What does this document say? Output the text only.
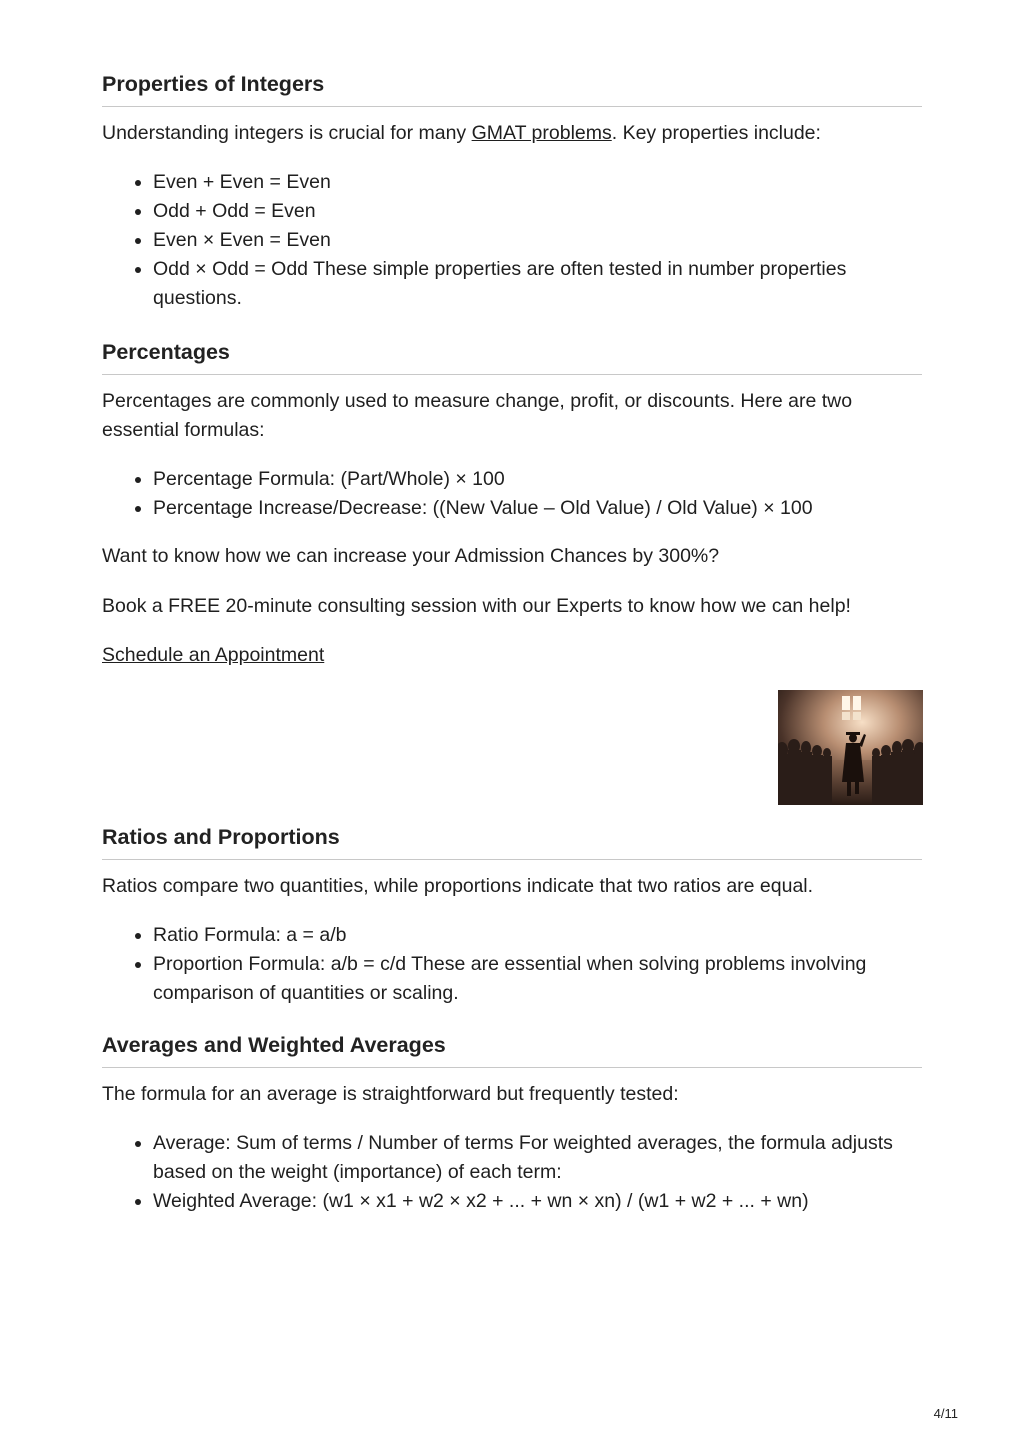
Properties of Integers

Understanding integers is crucial for many GMAT problems. Key properties include:

• Even + Even = Even
• Odd + Odd = Even
• Even × Even = Even
• Odd × Odd = Odd These simple properties are often tested in number properties questions.
Percentages

Percentages are commonly used to measure change, profit, or discounts. Here are two essential formulas:

• Percentage Formula: (Part/Whole) × 100
• Percentage Increase/Decrease: ((New Value – Old Value) / Old Value) × 100

Want to know how we can increase your Admission Chances by 300%?

Book a FREE 20-minute consulting session with our Experts to know how we can help!

Schedule an Appointment

Ratios and Proportions

Ratios compare two quantities, while proportions indicate that two ratios are equal.

• Ratio Formula: a = a/b
• Proportion Formula: a/b = c/d These are essential when solving problems involving comparison of quantities or scaling.
Averages and Weighted Averages

The formula for an average is straightforward but frequently tested:

• Average: Sum of terms / Number of terms For weighted averages, the formula adjusts based on the weight (importance) of each term:
• Weighted Average: (w1 × x1 + w2 × x2 + ... + wn × xn) / (w1 + w2 + ... + wn)
4/11
